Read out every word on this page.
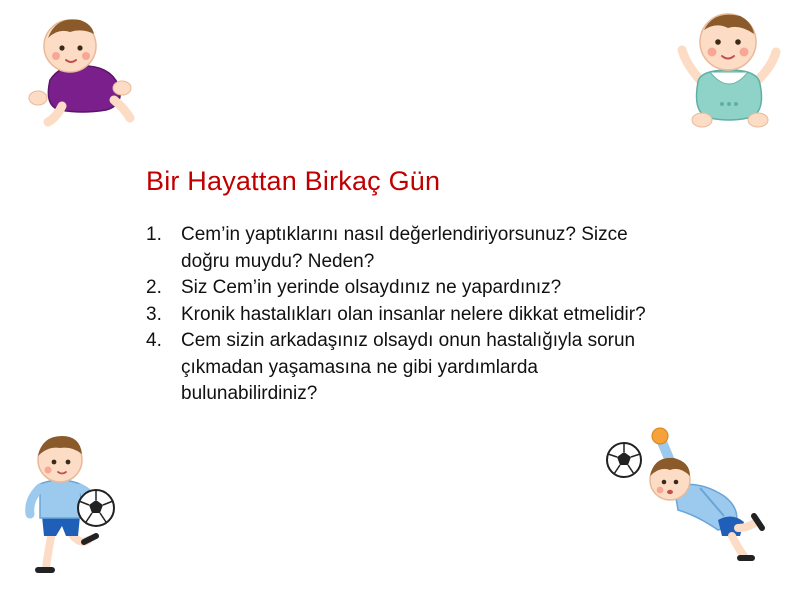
Bir Hayattan Birkaç Gün
1. Cem’in yaptıklarını nasıl değerlendiriyorsunuz? Sizce doğru muydu? Neden?
2. Siz Cem’in yerinde olsaydınız ne yapardınız?
3. Kronik hastalıkları olan insanlar nelere dikkat etmelidir?
4. Cem sizin arkadaşınız olsaydı onun hastalığıyla sorun çıkmadan yaşamasına ne gibi yardımlarda bulunabilirdiniz?
